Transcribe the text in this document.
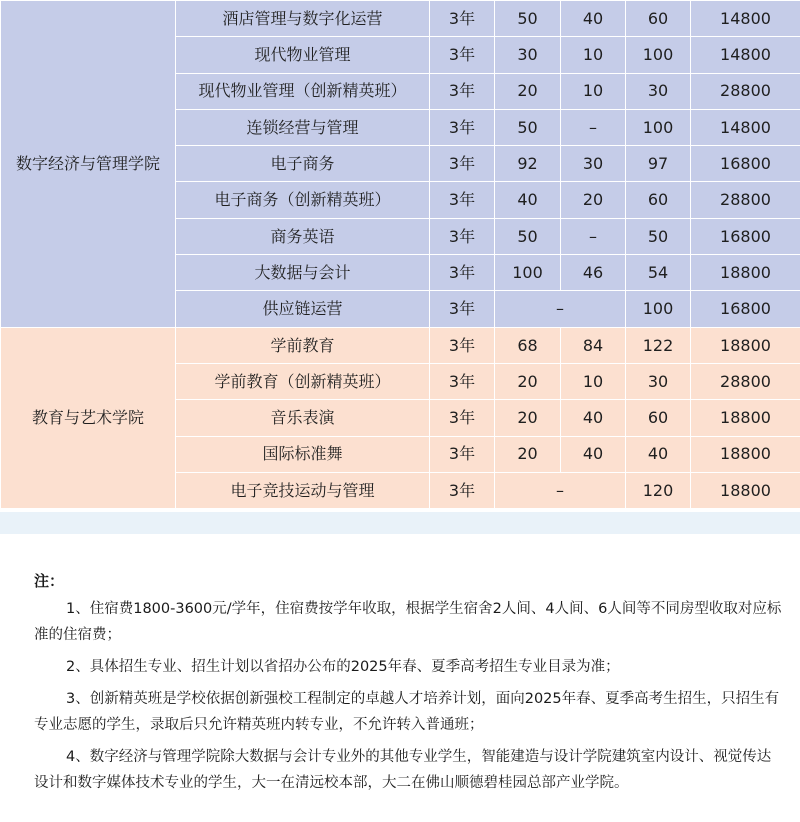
数字经济与管理学院	酒店管理与数字化运营	3年	50	40	60	14800
	现代物业管理	3年	30	10	100	14800
	现代物业管理（创新精英班）	3年	20	10	30	28800
	连锁经营与管理	3年	50	–	100	14800
	电子商务	3年	92	30	97	16800
	电子商务（创新精英班）	3年	40	20	60	28800
	商务英语	3年	50	–	50	16800
	大数据与会计	3年	100	46	54	18800
	供应链运营	3年	–		100	16800
教育与艺术学院	学前教育	3年	68	84	122	18800
	学前教育（创新精英班）	3年	20	10	30	28800
	音乐表演	3年	20	40	60	18800
	国际标准舞	3年	20	40	40	18800
	电子竞技运动与管理	3年	–		120	18800
注：

1、住宿费1800-3600元/学年，住宿费按学年收取，根据学生宿舍2人间、4人间、6人间等不同房型收取对应标准的住宿费；

2、具体招生专业、招生计划以省招办公布的2025年春、夏季高考招生专业目录为准；

3、创新精英班是学校依据创新强校工程制定的卓越人才培养计划，面向2025年春、夏季高考生招生，只招生有专业志愿的学生，录取后只允许精英班内转专业，不允许转入普通班；

4、数字经济与管理学院除大数据与会计专业外的其他专业学生，智能建造与设计学院建筑室内设计、视觉传达设计和数字媒体技术专业的学生，大一在清远校本部，大二在佛山顺德碧桂园总部产业学院。
